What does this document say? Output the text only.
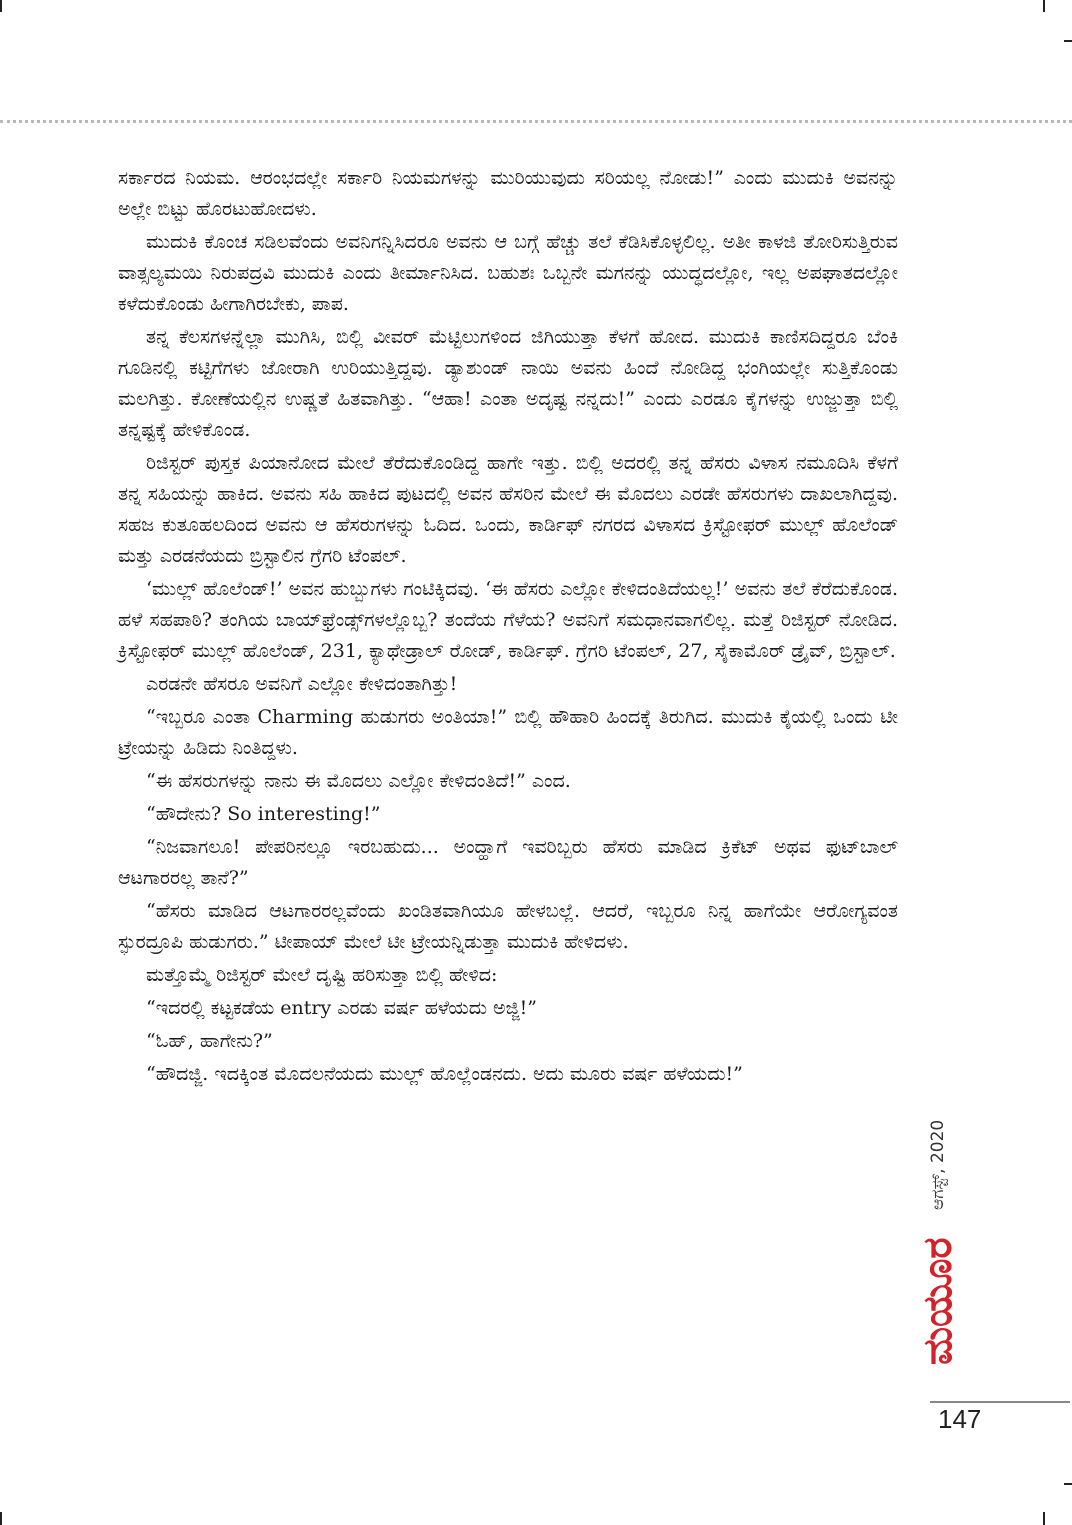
ಸರ್ಕಾರದ ನಿಯಮ. ಆರಂಭದಲ್ಲೇ ಸರ್ಕಾರಿ ನಿಯಮಗಳನ್ನು ಮುರಿಯುವುದು ಸರಿಯಲ್ಲ ನೋಡು!” ಎಂದು ಮುದುಕಿ ಅವನನ್ನು ಅಲ್ಲೇ ಬಿಟ್ಟು ಹೊರಟುಹೋದಳು.

ಮುದುಕಿ ಕೊಂಚ ಸಡಿಲವೆಂದು ಅವನಿಗನ್ನಿಸಿದರೂ ಅವನು ಆ ಬಗ್ಗೆ ಹೆಚ್ಚು ತಲೆ ಕೆಡಿಸಿಕೊಳ್ಳಲಿಲ್ಲ. ಅತೀ ಕಾಳಜಿ ತೋರಿಸುತ್ತಿರುವ ವಾತ್ಸಲ್ಯಮಯಿ ನಿರುಪದ್ರವಿ ಮುದುಕಿ ಎಂದು ತೀರ್ಮಾನಿಸಿದ. ಬಹುಶಃ ಒಬ್ಬನೇ ಮಗನನ್ನು ಯುದ್ಧದಲ್ಲೋ, ಇಲ್ಲ ಅಪಘಾತದಲ್ಲೋ ಕಳೆದುಕೊಂಡು ಹೀಗಾಗಿರಬೇಕು, ಪಾಪ.

ತನ್ನ ಕೆಲಸಗಳನ್ನೆಲ್ಲಾ ಮುಗಿಸಿ, ಬಿಲ್ಲಿ ವೀವರ್ ಮೆಟ್ಟಿಲುಗಳಿಂದ ಜಿಗಿಯುತ್ತಾ ಕೆಳಗೆ ಹೋದ. ಮುದುಕಿ ಕಾಣಿಸದಿದ್ದರೂ ಬೆಂಕಿ ಗೂಡಿನಲ್ಲಿ ಕಟ್ಟಿಗೆಗಳು ಜೋರಾಗಿ ಉರಿಯುತ್ತಿದ್ದವು. ಡ್ಯಾಶುಂಡ್ ನಾಯಿ ಅವನು ಹಿಂದೆ ನೋಡಿದ್ದ ಭಂಗಿಯಲ್ಲೇ ಸುತ್ತಿಕೊಂಡು ಮಲಗಿತ್ತು. ಕೋಣೆಯಲ್ಲಿನ ಉಷ್ಣತೆ ಹಿತವಾಗಿತ್ತು. “ಆಹಾ! ಎಂತಾ ಅದೃಷ್ಟ ನನ್ನದು!” ಎಂದು ಎರಡೂ ಕೈಗಳನ್ನು ಉಜ್ಜುತ್ತಾ ಬಿಲ್ಲಿ ತನ್ನಷ್ಟಕ್ಕೆ ಹೇಳಿಕೊಂಡ.

ರಿಜಿಸ್ಟರ್ ಪುಸ್ತಕ ಪಿಯಾನೋದ ಮೇಲೆ ತೆರೆದುಕೊಂಡಿದ್ದ ಹಾಗೇ ಇತ್ತು. ಬಿಲ್ಲಿ ಅದರಲ್ಲಿ ತನ್ನ ಹೆಸರು ವಿಳಾಸ ನಮೂದಿಸಿ ಕೆಳಗೆ ತನ್ನ ಸಹಿಯನ್ನು ಹಾಕಿದ. ಅವನು ಸಹಿ ಹಾಕಿದ ಪುಟದಲ್ಲಿ ಅವನ ಹೆಸರಿನ ಮೇಲೆ ಈ ಮೊದಲು ಎರಡೇ ಹೆಸರುಗಳು ದಾಖಲಾಗಿದ್ದವು. ಸಹಜ ಕುತೂಹಲದಿಂದ ಅವನು ಆ ಹೆಸರುಗಳನ್ನು ಓದಿದ. ಒಂದು, ಕಾರ್ಡಿಫ್ ನಗರದ ವಿಳಾಸದ ಕ್ರಿಸ್ಟೋಫರ್ ಮುಲ್ಲ್ ಹೊಲೆಂಡ್ ಮತ್ತು ಎರಡನೆಯದು ಬ್ರಿಸ್ಟಾಲಿನ ಗ್ರೆಗರಿ ಟೆಂಪಲ್.

‘ಮುಲ್ಲ್ ಹೊಲೆಂಡ್!’ ಅವನ ಹುಬ್ಬುಗಳು ಗಂಟಿಕ್ಕಿದವು. ‘ಈ ಹೆಸರು ಎಲ್ಲೋ ಕೇಳಿದಂತಿದೆಯಲ್ಲ!’ ಅವನು ತಲೆ ಕೆರೆದುಕೊಂಡ. ಹಳೆ ಸಹಪಾಠಿ? ತಂಗಿಯ ಬಾಯ್‌ಫ್ರೆಂಡ್ಸ್‌ಗಳಲ್ಲೊಬ್ಬ? ತಂದೆಯ ಗೆಳೆಯ? ಅವನಿಗೆ ಸಮಧಾನವಾಗಲಿಲ್ಲ. ಮತ್ತೆ ರಿಜಿಸ್ಟರ್ ನೋಡಿದ. ಕ್ರಿಸ್ಟೋಫರ್ ಮುಲ್ಲ್ ಹೊಲೆಂಡ್, 231, ಕ್ಯಾಥೇಡ್ರಾಲ್ ರೋಡ್, ಕಾರ್ಡಿಫ್. ಗ್ರೆಗರಿ ಟೆಂಪಲ್, 27, ಸೈಕಾಮೊರ್ ಡ್ರೈವ್, ಬ್ರಿಸ್ಟಾಲ್.

ಎರಡನೇ ಹೆಸರೂ ಅವನಿಗೆ ಎಲ್ಲೋ ಕೇಳಿದಂತಾಗಿತ್ತು!

“ಇಬ್ಬರೂ ಎಂತಾ Charming ಹುಡುಗರು ಅಂತಿಯಾ!” ಬಿಲ್ಲಿ ಹೌಹಾರಿ ಹಿಂದಕ್ಕೆ ತಿರುಗಿದ. ಮುದುಕಿ ಕೈಯಲ್ಲಿ ಒಂದು ಟೀ ಟ್ರೇಯನ್ನು ಹಿಡಿದು ನಿಂತಿದ್ದಳು.

“ಈ ಹೆಸರುಗಳನ್ನು ನಾನು ಈ ಮೊದಲು ಎಲ್ಲೋ ಕೇಳಿದಂತಿದೆ!” ಎಂದ.

“ಹೌದೇನು? So interesting!”

“ನಿಜವಾಗಲೂ! ಪೇಪರಿನಲ್ಲೂ ಇರಬಹುದು... ಅಂದ್ಹಾಗೆ ಇವರಿಬ್ಬರು ಹೆಸರು ಮಾಡಿದ ಕ್ರಿಕೆಟ್ ಅಥವ ಫುಟ್‌ಬಾಲ್ ಆಟಗಾರರಲ್ಲ ತಾನೆ?”

“ಹೆಸರು ಮಾಡಿದ ಆಟಗಾರರಲ್ಲವೆಂದು ಖಂಡಿತವಾಗಿಯೂ ಹೇಳಬಲ್ಲೆ. ಆದರೆ, ಇಬ್ಬರೂ ನಿನ್ನ ಹಾಗೆಯೇ ಆರೋಗ್ಯವಂತ ಸ್ಫುರದ್ರೂಪಿ ಹುಡುಗರು.” ಟೀಪಾಯ್ ಮೇಲೆ ಟೀ ಟ್ರೇಯನ್ನಿಡುತ್ತಾ ಮುದುಕಿ ಹೇಳಿದಳು.

ಮತ್ತೊಮ್ಮೆ ರಿಜಿಸ್ಟರ್ ಮೇಲೆ ದೃಷ್ಟಿ ಹರಿಸುತ್ತಾ ಬಿಲ್ಲಿ ಹೇಳಿದ:

“ಇದರಲ್ಲಿ ಕಟ್ಟಕಡೆಯ entry ಎರಡು ವರ್ಷ ಹಳೆಯದು ಅಜ್ಜಿ!”

“ಓಹ್, ಹಾಗೇನು?”

“ಹೌದಜ್ಜಿ. ಇದಕ್ಕಿಂತ ಮೊದಲನೆಯದು ಮುಲ್ಲ್ ಹೊಲ್ಲೆಂಡನದು. ಅದು ಮೂರು ವರ್ಷ ಹಳೆಯದು!”

ಆಗಸ್ಟ್, 2020
ಮಯೂರ
147
